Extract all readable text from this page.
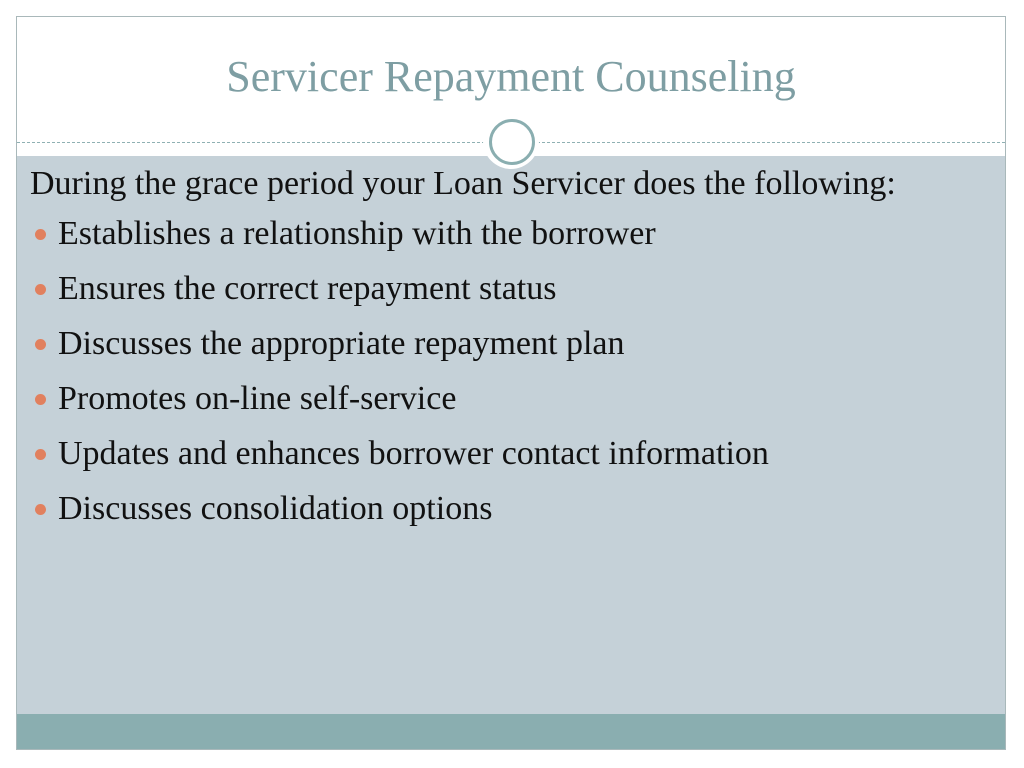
Servicer Repayment Counseling

During the grace period your Loan Servicer does the following:

Establishes a relationship with the borrower
Ensures the correct repayment status
Discusses the appropriate repayment plan
Promotes on-line self-service
Updates and enhances borrower contact information
Discusses consolidation options
